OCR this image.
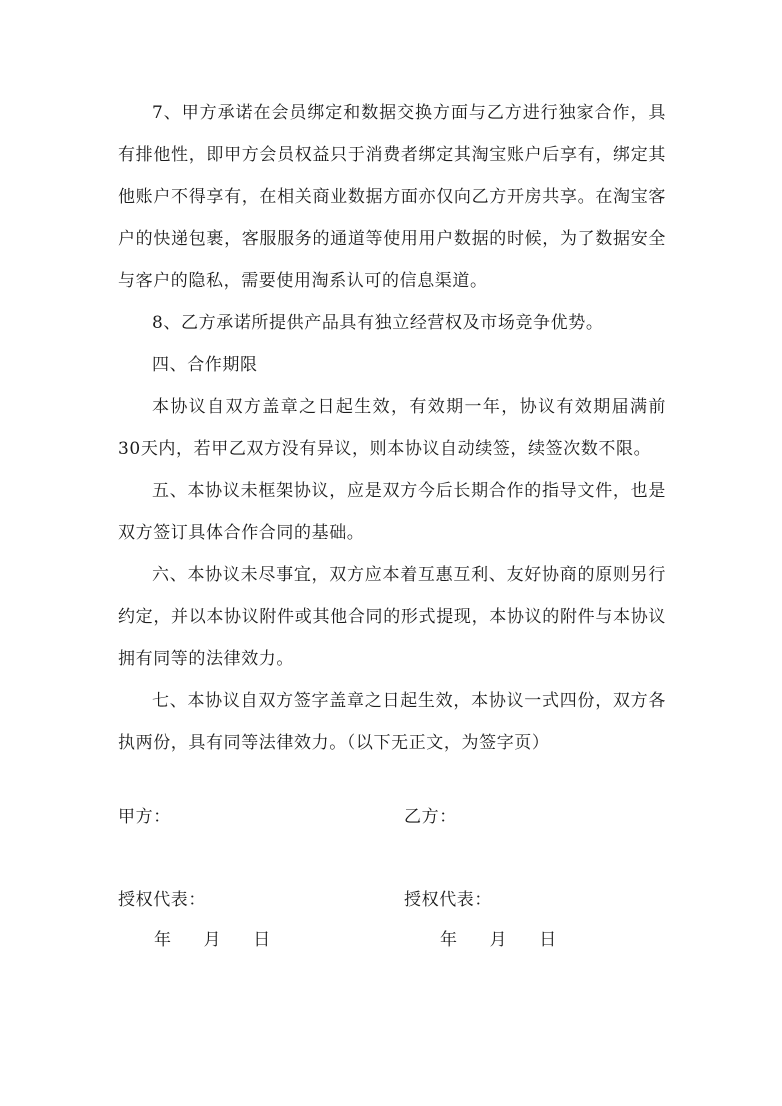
7、甲方承诺在会员绑定和数据交换方面与乙方进行独家合作，具有排他性，即甲方会员权益只于消费者绑定其淘宝账户后享有，绑定其他账户不得享有，在相关商业数据方面亦仅向乙方开房共享。在淘宝客户的快递包裹，客服服务的通道等使用用户数据的时候，为了数据安全与客户的隐私，需要使用淘系认可的信息渠道。

8、乙方承诺所提供产品具有独立经营权及市场竞争优势。

四、合作期限

本协议自双方盖章之日起生效，有效期一年，协议有效期届满前30天内，若甲乙双方没有异议，则本协议自动续签，续签次数不限。

五、本协议未框架协议，应是双方今后长期合作的指导文件，也是双方签订具体合作合同的基础。

六、本协议未尽事宜，双方应本着互惠互利、友好协商的原则另行约定，并以本协议附件或其他合同的形式提现，本协议的附件与本协议拥有同等的法律效力。

七、本协议自双方签字盖章之日起生效，本协议一式四份，双方各执两份，具有同等法律效力。（以下无正文，为签字页）

甲方：	乙方：
授权代表：	授权代表：
年 月 日	年 月 日
